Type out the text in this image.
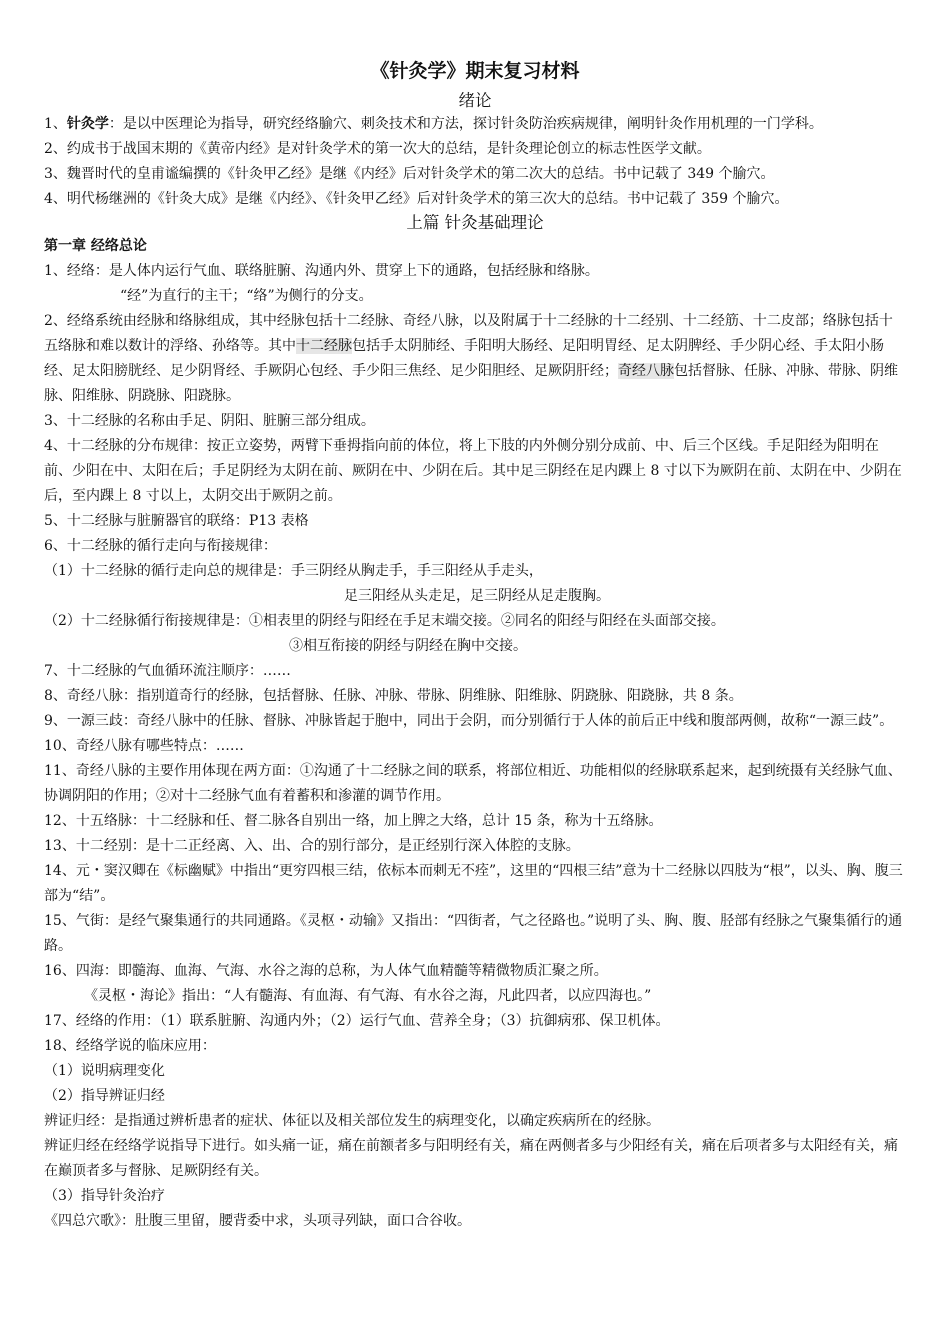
《针灸学》期末复习材料
绪论

1、针灸学：是以中医理论为指导，研究经络腧穴、刺灸技术和方法，探讨针灸防治疾病规律，阐明针灸作用机理的一门学科。

2、约成书于战国末期的《黄帝内经》是对针灸学术的第一次大的总结，是针灸理论创立的标志性医学文献。

3、魏晋时代的皇甫谧编撰的《针灸甲乙经》是继《内经》后对针灸学术的第二次大的总结。书中记载了 349 个腧穴。

4、明代杨继洲的《针灸大成》是继《内经》、《针灸甲乙经》后对针灸学术的第三次大的总结。书中记载了 359 个腧穴。

上篇 针灸基础理论
第一章 经络总论

1、经络：是人体内运行气血、联络脏腑、沟通内外、贯穿上下的通路，包括经脉和络脉。

“经”为直行的主干；“络”为侧行的分支。

2、经络系统由经脉和络脉组成，其中经脉包括十二经脉、奇经八脉，以及附属于十二经脉的十二经别、十二经筋、十二皮部；络脉包括十五络脉和难以数计的浮络、孙络等。其中十二经脉包括手太阴肺经、手阳明大肠经、足阳明胃经、足太阴脾经、手少阴心经、手太阳小肠经、足太阳膀胱经、足少阴肾经、手厥阴心包经、手少阳三焦经、足少阳胆经、足厥阴肝经；奇经八脉包括督脉、任脉、冲脉、带脉、阴维脉、阳维脉、阴跷脉、阳跷脉。

3、十二经脉的名称由手足、阴阳、脏腑三部分组成。

4、十二经脉的分布规律：按正立姿势，两臂下垂拇指向前的体位，将上下肢的内外侧分别分成前、中、后三个区线。手足阳经为阳明在前、少阳在中、太阳在后；手足阴经为太阴在前、厥阴在中、少阴在后。其中足三阴经在足内踝上 8 寸以下为厥阴在前、太阴在中、少阴在后，至内踝上 8 寸以上，太阴交出于厥阴之前。

5、十二经脉与脏腑器官的联络：P13 表格

6、十二经脉的循行走向与衔接规律：

（1）十二经脉的循行走向总的规律是：手三阴经从胸走手，手三阳经从手走头，

足三阳经从头走足，足三阴经从足走腹胸。

（2）十二经脉循行衔接规律是：①相表里的阴经与阳经在手足末端交接。②同名的阳经与阳经在头面部交接。

③相互衔接的阴经与阴经在胸中交接。

7、十二经脉的气血循环流注顺序：……

8、奇经八脉：指别道奇行的经脉，包括督脉、任脉、冲脉、带脉、阴维脉、阳维脉、阴跷脉、阳跷脉，共 8 条。

9、一源三歧：奇经八脉中的任脉、督脉、冲脉皆起于胞中，同出于会阴，而分别循行于人体的前后正中线和腹部两侧，故称“一源三歧”。

10、奇经八脉有哪些特点：……

11、奇经八脉的主要作用体现在两方面：①沟通了十二经脉之间的联系，将部位相近、功能相似的经脉联系起来，起到统摄有关经脉气血、协调阴阳的作用；②对十二经脉气血有着蓄积和渗灌的调节作用。

12、十五络脉：十二经脉和任、督二脉各自别出一络，加上脾之大络，总计 15 条，称为十五络脉。

13、十二经别：是十二正经离、入、出、合的别行部分，是正经别行深入体腔的支脉。

14、元・窦汉卿在《标幽赋》中指出“更穷四根三结，依标本而刺无不痊”，这里的“四根三结”意为十二经脉以四肢为“根”，以头、胸、腹三部为“结”。

15、气街：是经气聚集通行的共同通路。《灵枢・动输》又指出：“四街者，气之径路也。”说明了头、胸、腹、胫部有经脉之气聚集循行的通路。

16、四海：即髓海、血海、气海、水谷之海的总称，为人体气血精髓等精微物质汇聚之所。

《灵枢・海论》指出：“人有髓海、有血海、有气海、有水谷之海，凡此四者，以应四海也。”

17、经络的作用：（1）联系脏腑、沟通内外；（2）运行气血、营养全身；（3）抗御病邪、保卫机体。

18、经络学说的临床应用：

（1）说明病理变化

（2）指导辨证归经

辨证归经：是指通过辨析患者的症状、体征以及相关部位发生的病理变化，以确定疾病所在的经脉。

辨证归经在经络学说指导下进行。如头痛一证，痛在前额者多与阳明经有关，痛在两侧者多与少阳经有关，痛在后项者多与太阳经有关，痛在巅顶者多与督脉、足厥阴经有关。

（3）指导针灸治疗

《四总穴歌》：肚腹三里留，腰背委中求，头项寻列缺，面口合谷收。
